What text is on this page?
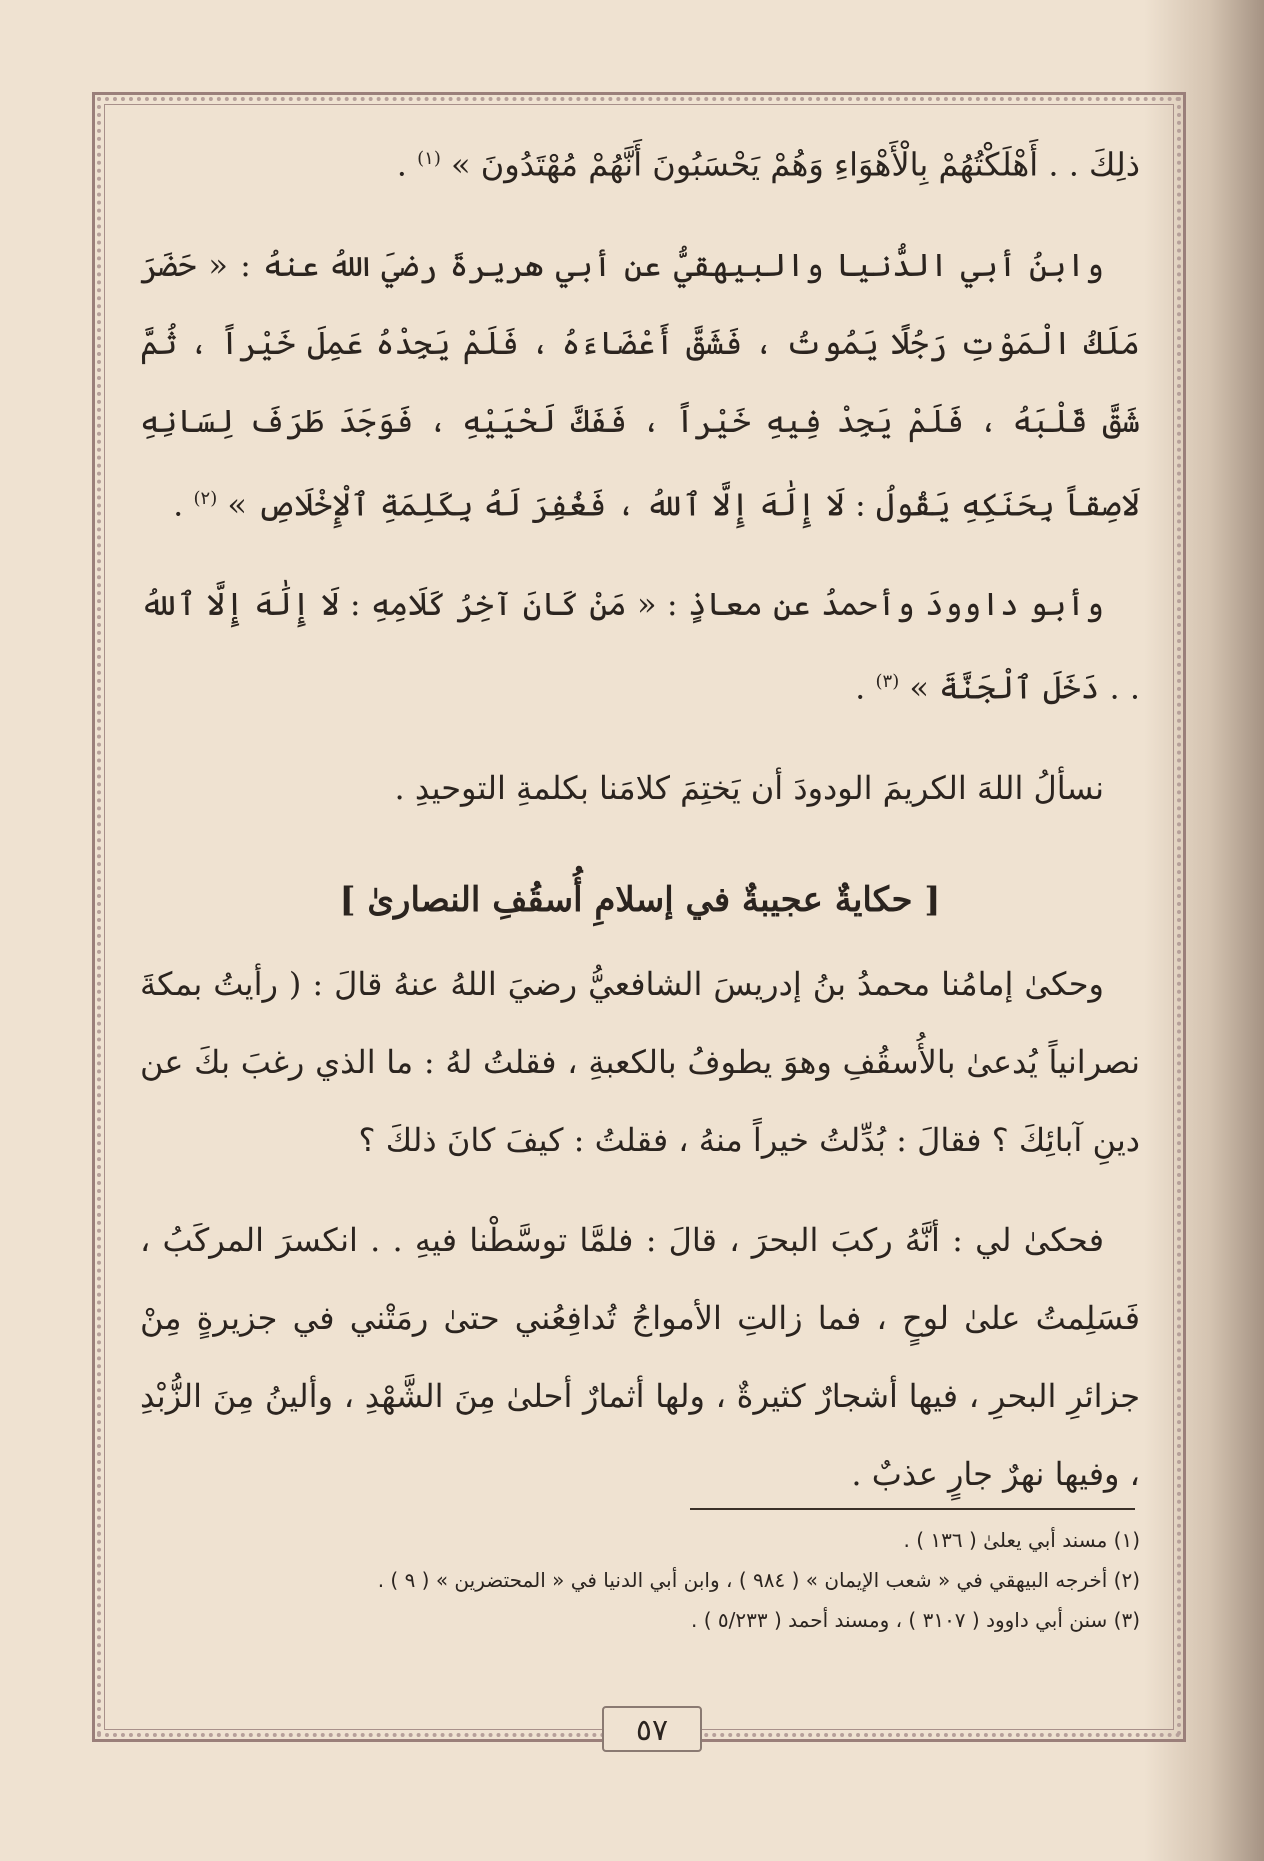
ذلِكَ . . أَهْلَكْتُهُمْ بِالْأَهْوَاءِ وَهُمْ يَحْسَبُونَ أَنَّهُمْ مُهْتَدُونَ » $^{(١)}$ .

وابنُ أبي الدُّنيا والبيهقيُّ عن أبي هريرةَ رضيَ اللهُ عنهُ : « حَضَرَ مَلَكُ الْمَوْتِ رَجُلًا يَمُوتُ ، فَشَقَّ أَعْضَاءَهُ ، فَلَمْ يَجِدْهُ عَمِلَ خَيْراً ، ثُمَّ شَقَّ قَلْبَهُ ، فَلَمْ يَجِدْ فِيهِ خَيْراً ، فَفَكَّ لَحْيَيْهِ ، فَوَجَدَ طَرَفَ لِسَانِهِ لَاصِقاً بِحَنَكِهِ يَقُولُ : لَا إِلَٰهَ إِلَّا ٱللهُ ، فَغُفِرَ لَهُ بِكَلِمَةِ ٱلْإِخْلَاصِ » $^{(٢)}$ .

وأبو داوودَ وأحمدُ عن معاذٍ : « مَنْ كَانَ آخِرُ كَلَامِهِ : لَا إِلَٰهَ إِلَّا ٱللهُ . . دَخَلَ ٱلْجَنَّةَ » $^{(٣)}$ .

نسألُ اللهَ الكريمَ الودودَ أن يَختِمَ كلامَنا بكلمةِ التوحيدِ .

[ حكايةٌ عجيبةٌ في إسلامِ أُسقُفِ النصارىٰ ]

وحكىٰ إمامُنا محمدُ بنُ إدريسَ الشافعيُّ رضيَ اللهُ عنهُ قالَ : ( رأيتُ بمكةَ نصرانياً يُدعىٰ بالأُسقُفِ وهوَ يطوفُ بالكعبةِ ، فقلتُ لهُ : ما الذي رغبَ بكَ عن دينِ آبائِكَ ؟ فقالَ : بُدِّلتُ خيراً منهُ ، فقلتُ : كيفَ كانَ ذلكَ ؟

فحكىٰ لي : أنَّهُ ركبَ البحرَ ، قالَ : فلمَّا توسَّطْنا فيهِ . . انكسرَ المركَبُ ، فَسَلِمتُ علىٰ لوحٍ ، فما زالتِ الأمواجُ تُدافِعُني حتىٰ رمَتْني في جزيرةٍ مِنْ جزائرِ البحرِ ، فيها أشجارٌ كثيرةٌ ، ولها أثمارٌ أحلىٰ مِنَ الشَّهْدِ ، وألينُ مِنَ الزُّبْدِ ، وفيها نهرٌ جارٍ عذبٌ .

(١) مسند أبي يعلىٰ ( ١٣٦ ) .

(٢) أخرجه البيهقي في « شعب الإيمان » ( ٩٨٤ ) ، وابن أبي الدنيا في « المحتضرين » ( ٩ ) .

(٣) سنن أبي داوود ( ٣١٠٧ ) ، ومسند أحمد ( ٥/٢٣٣ ) .

٥٧
